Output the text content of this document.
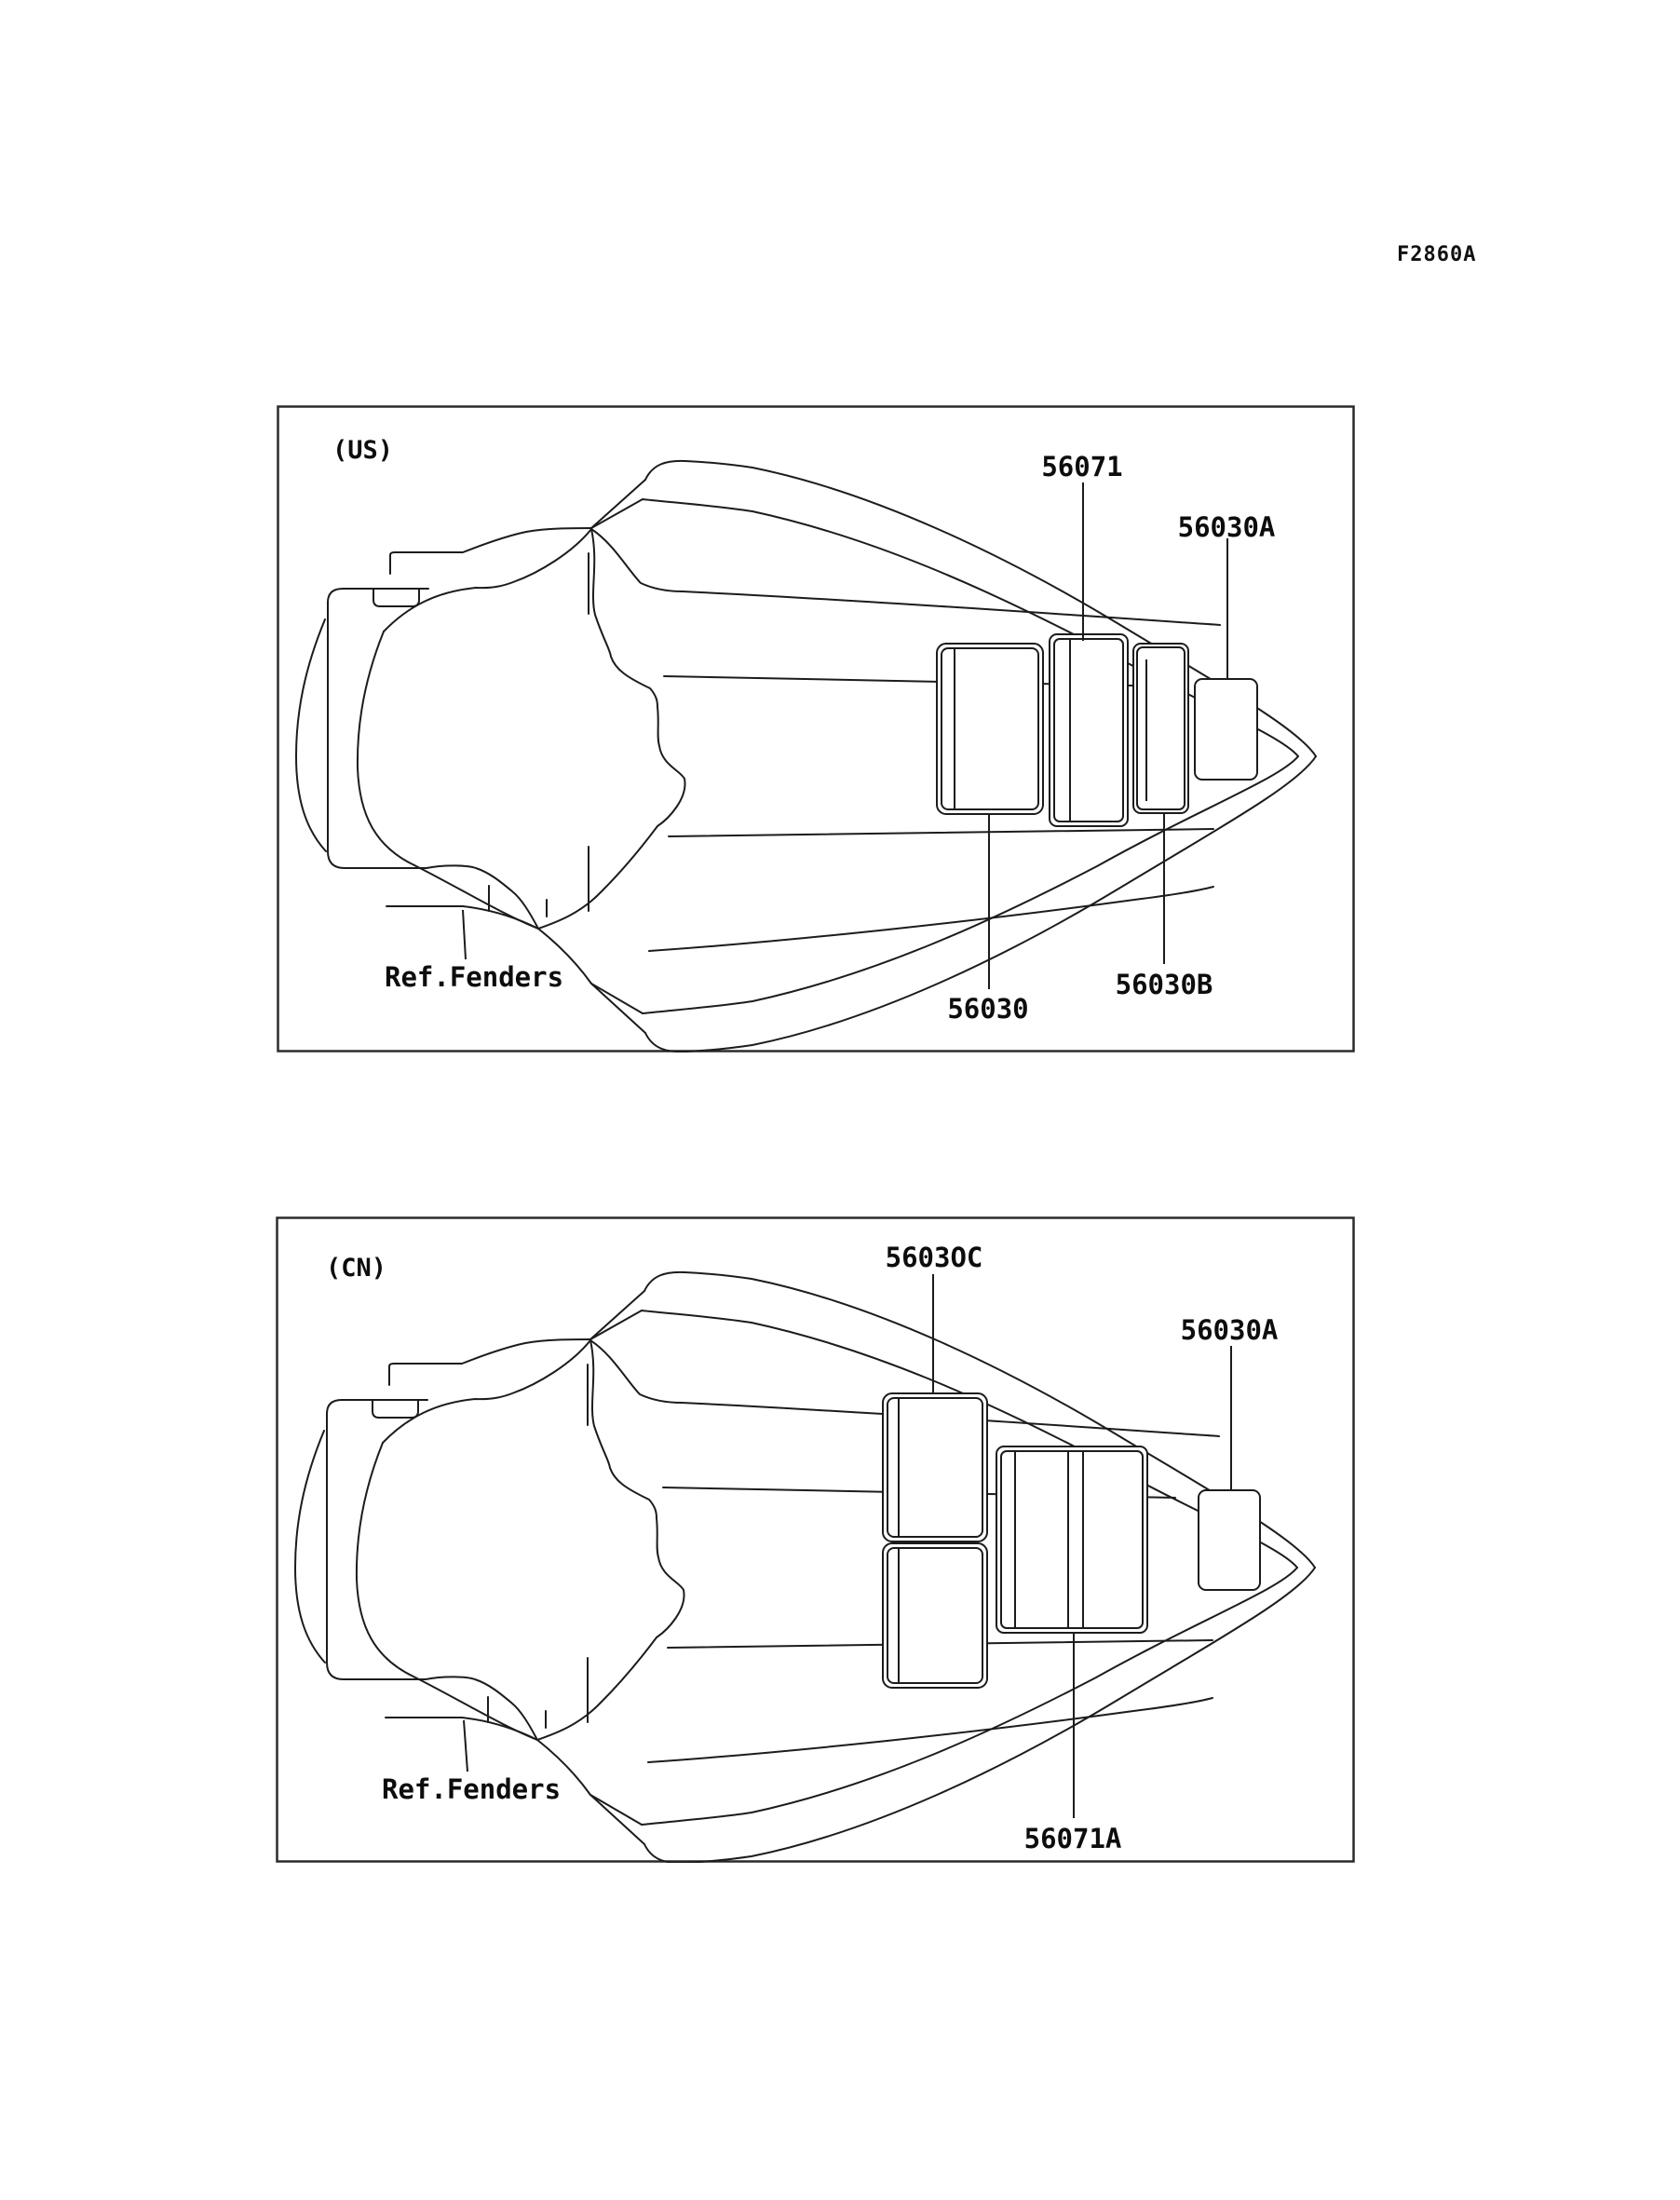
F2860A
(US)
56071
56030A
56030
56030B
Ref.Fenders
(CN)	5603OC
56030A
56071A
Ref.Fenders
